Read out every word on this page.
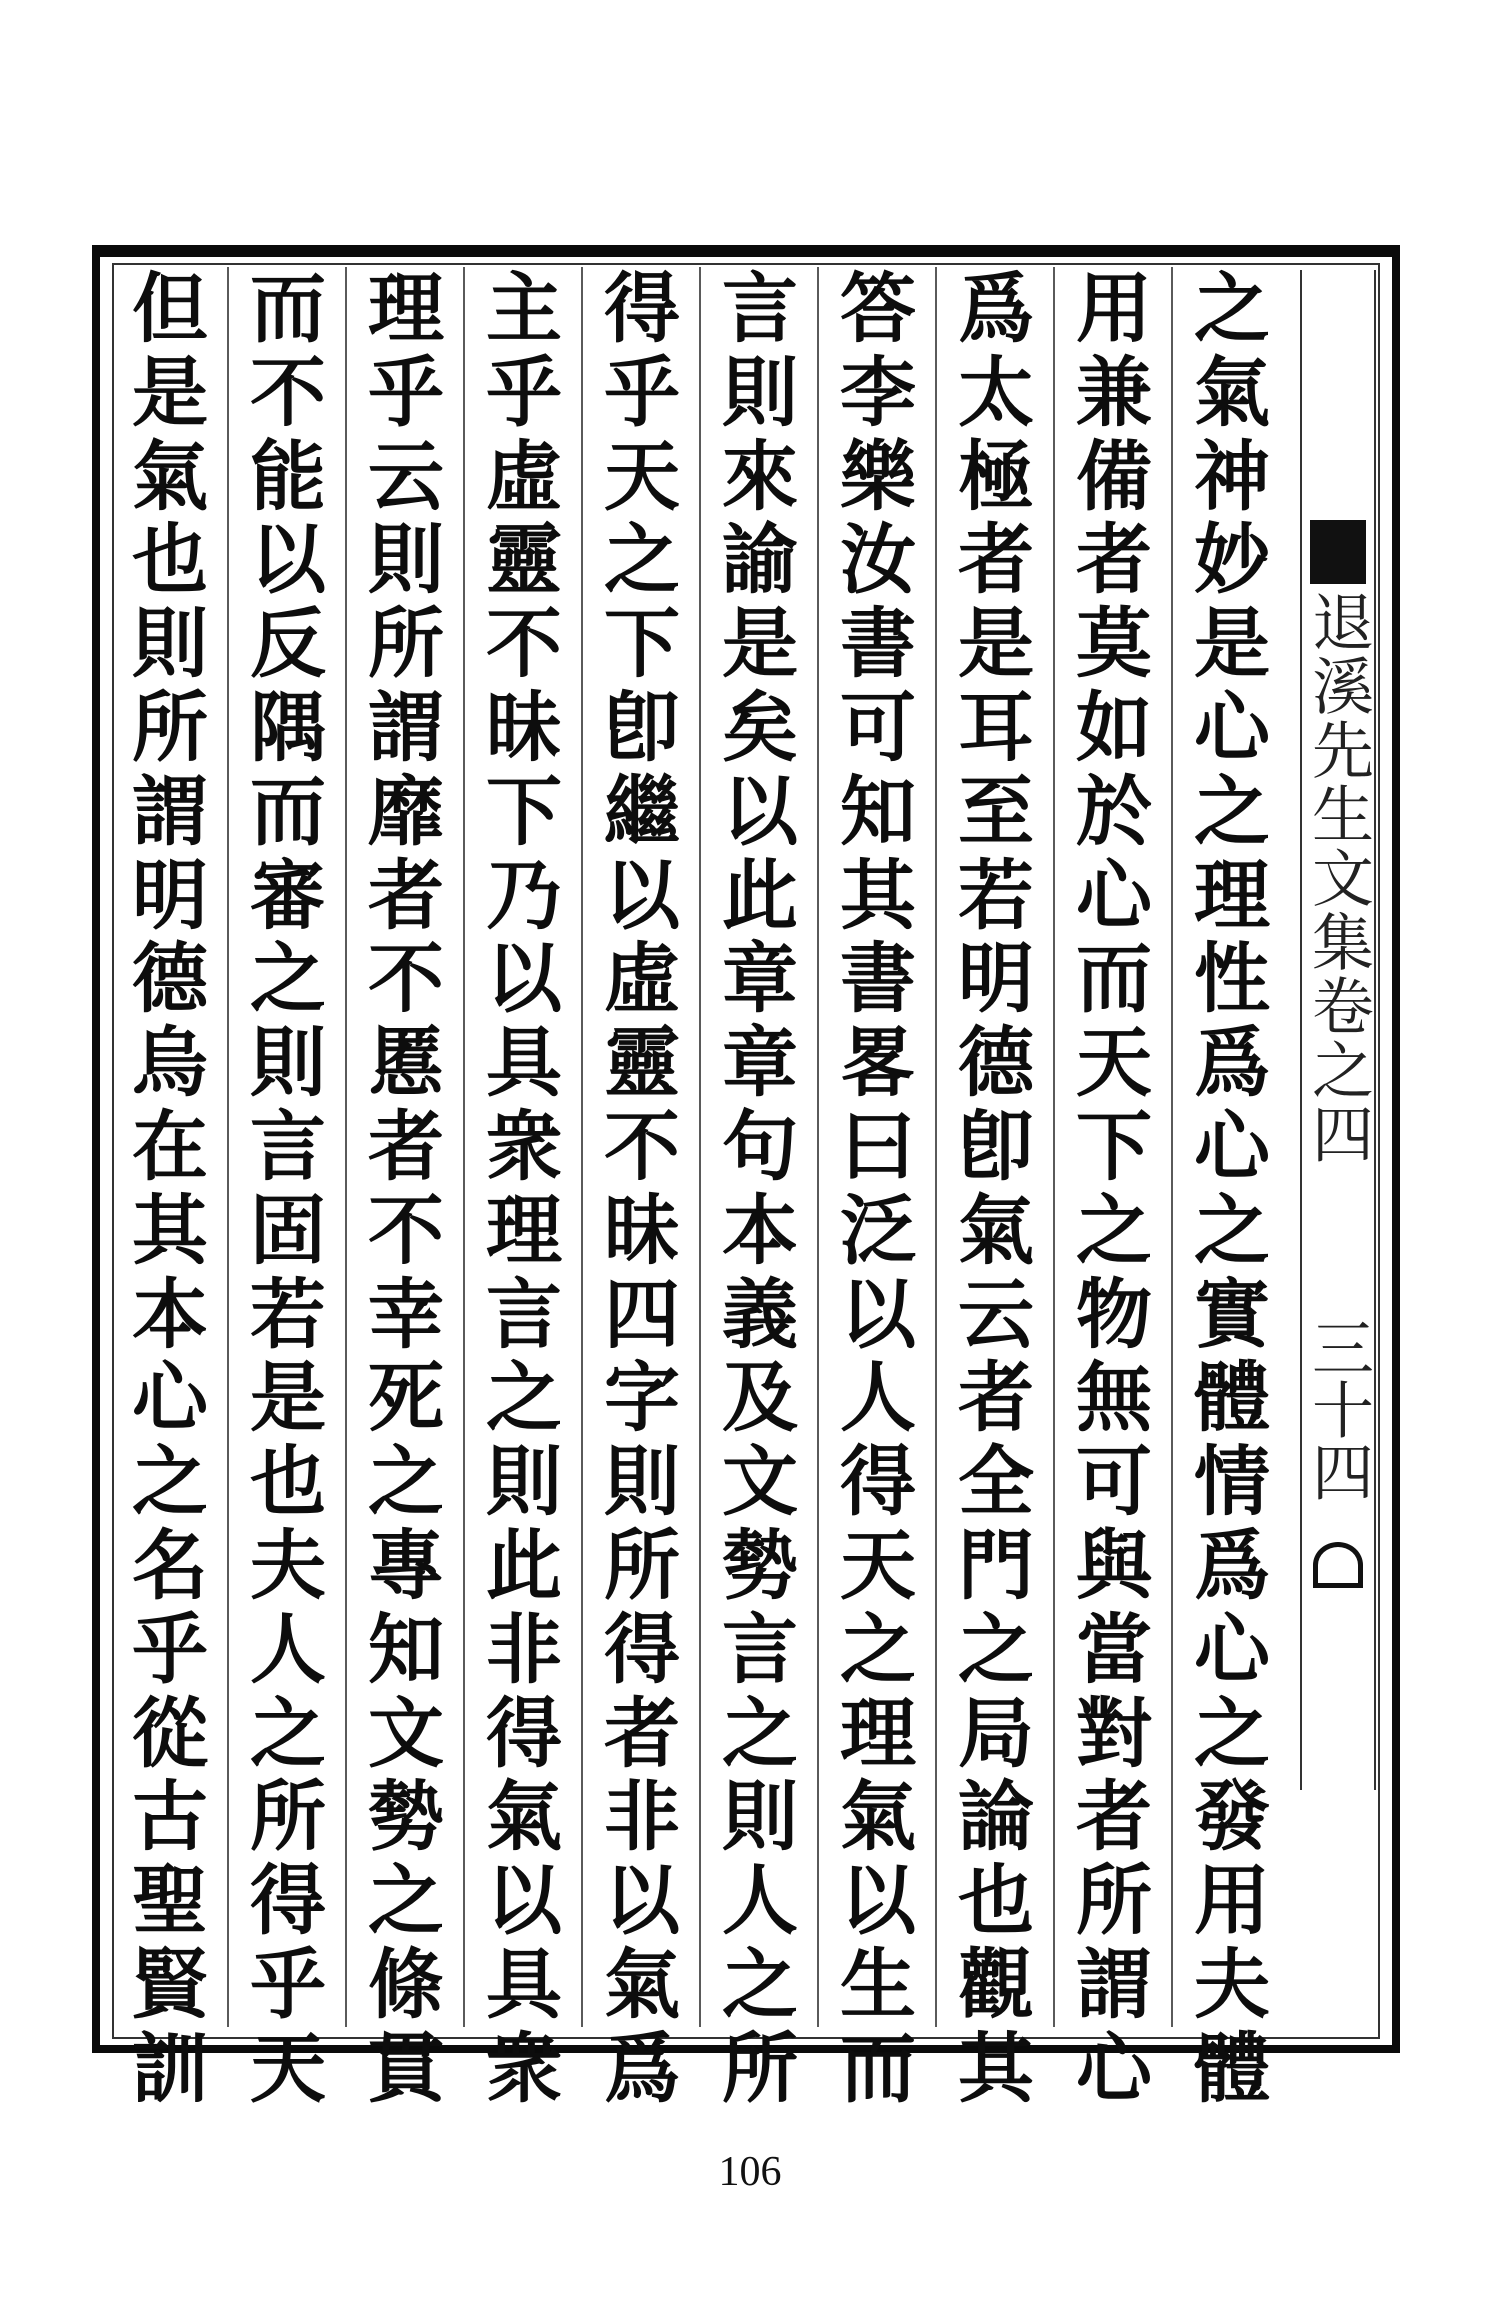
退溪先生文集卷之四
三十四
之
氣
神
妙
是
心
之
理
性
爲
心
之
實
體
情
爲
心
之
發
用
夫
體
用
兼
備
者
莫
如
於
心
而
天
下
之
物
無
可
與
當
對
者
所
謂
心
爲
太
極
者
是
耳
至
若
明
德
卽
氣
云
者
全
門
之
局
論
也
觀
其
答
李
樂
汝
書
可
知
其
書
畧
曰
泛
以
人
得
天
之
理
氣
以
生
而
言
則
來
諭
是
矣
以
此
章
章
句
本
義
及
文
勢
言
之
則
人
之
所
得
乎
天
之
下
卽
繼
以
虛
靈
不
昧
四
字
則
所
得
者
非
以
氣
爲
主
乎
虛
靈
不
昧
下
乃
以
具
衆
理
言
之
則
此
非
得
氣
以
具
衆
理
乎
云
則
所
謂
靡
者
不
慝
者
不
幸
死
之
專
知
文
勢
之
條
貫
而
不
能
以
反
隅
而
審
之
則
言
固
若
是
也
夫
人
之
所
得
乎
天
但
是
氣
也
則
所
謂
明
德
烏
在
其
本
心
之
名
乎
從
古
聖
賢
訓
106
